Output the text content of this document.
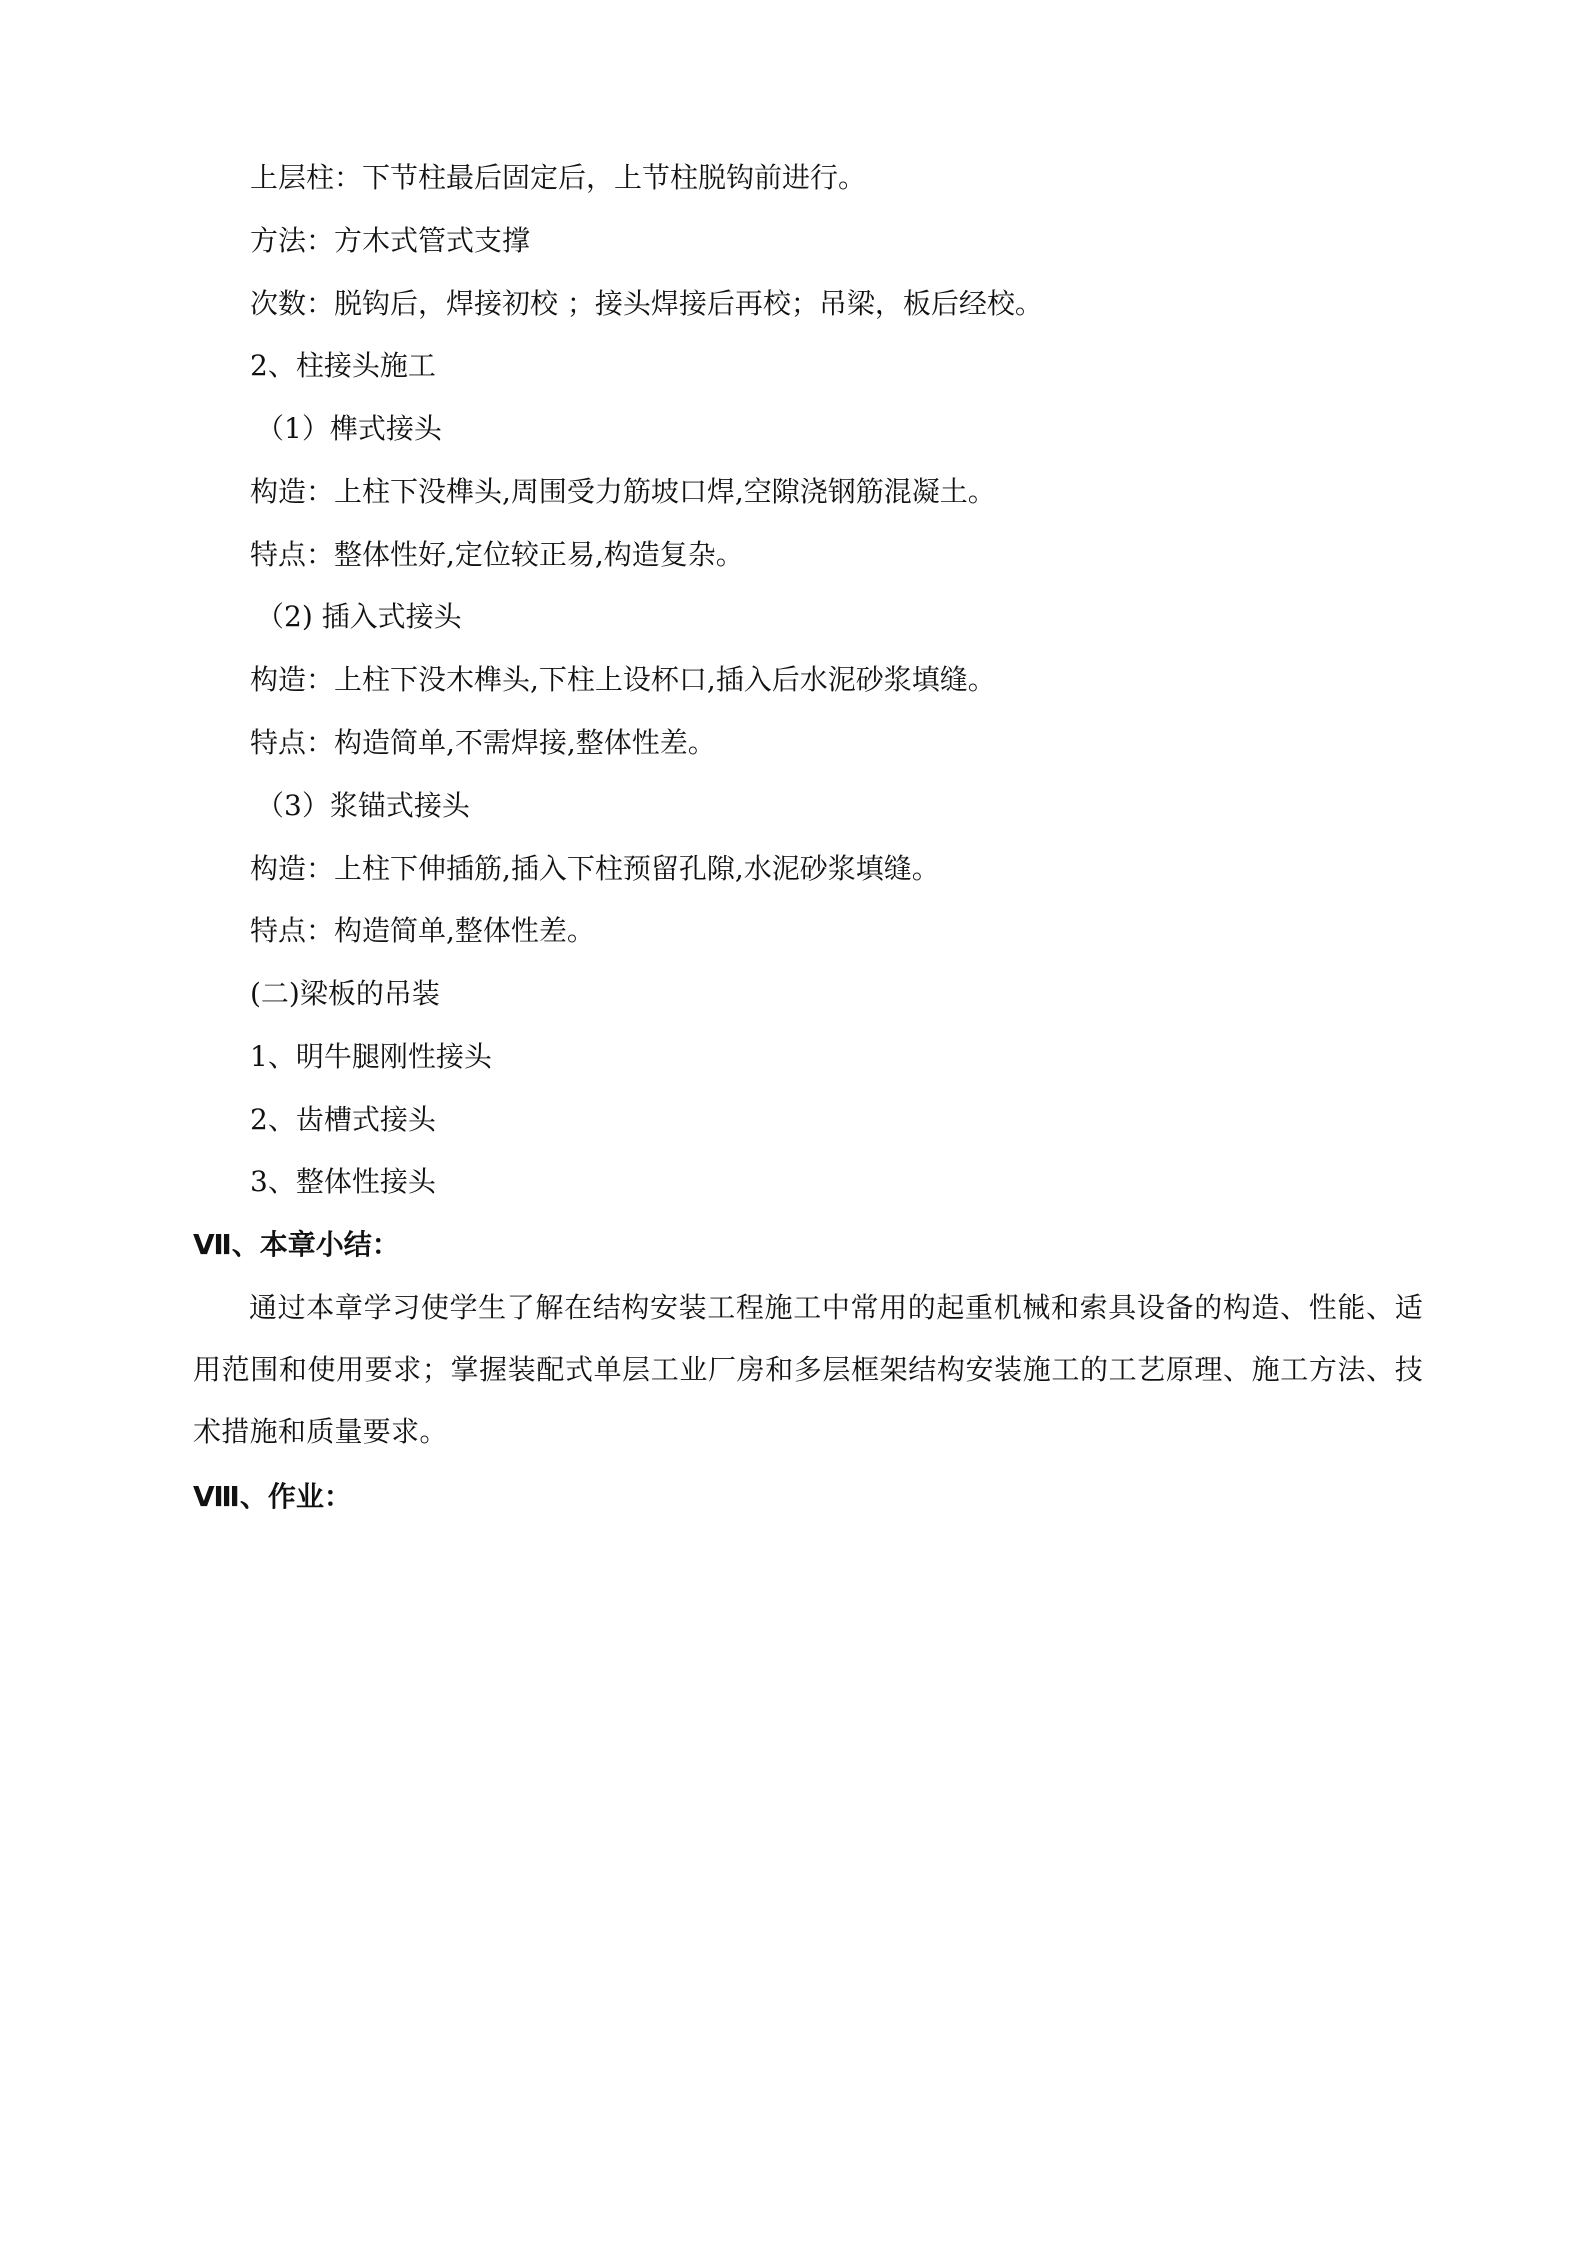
上层柱：下节柱最后固定后，上节柱脱钩前进行。
方法：方木式管式支撑
次数：脱钩后，焊接初校 ；接头焊接后再校；吊梁，板后经校。
2、柱接头施工
（1）榫式接头
构造：上柱下没榫头,周围受力筋坡口焊,空隙浇钢筋混凝土。
特点：整体性好,定位较正易,构造复杂。
（2) 插入式接头
构造：上柱下没木榫头,下柱上设杯口,插入后水泥砂浆填缝。
特点：构造简单,不需焊接,整体性差。
（3）浆锚式接头
构造：上柱下伸插筋,插入下柱预留孔隙,水泥砂浆填缝。
特点：构造简单,整体性差。
(二)梁板的吊装
1、明牛腿刚性接头
2、齿槽式接头
3、整体性接头
Ⅶ、本章小结：
通过本章学习使学生了解在结构安装工程施工中常用的起重机械和索具设备的构造、性能、适用范围和使用要求；掌握装配式单层工业厂房和多层框架结构安装施工的工艺原理、施工方法、技术措施和质量要求。
Ⅷ、作业：
